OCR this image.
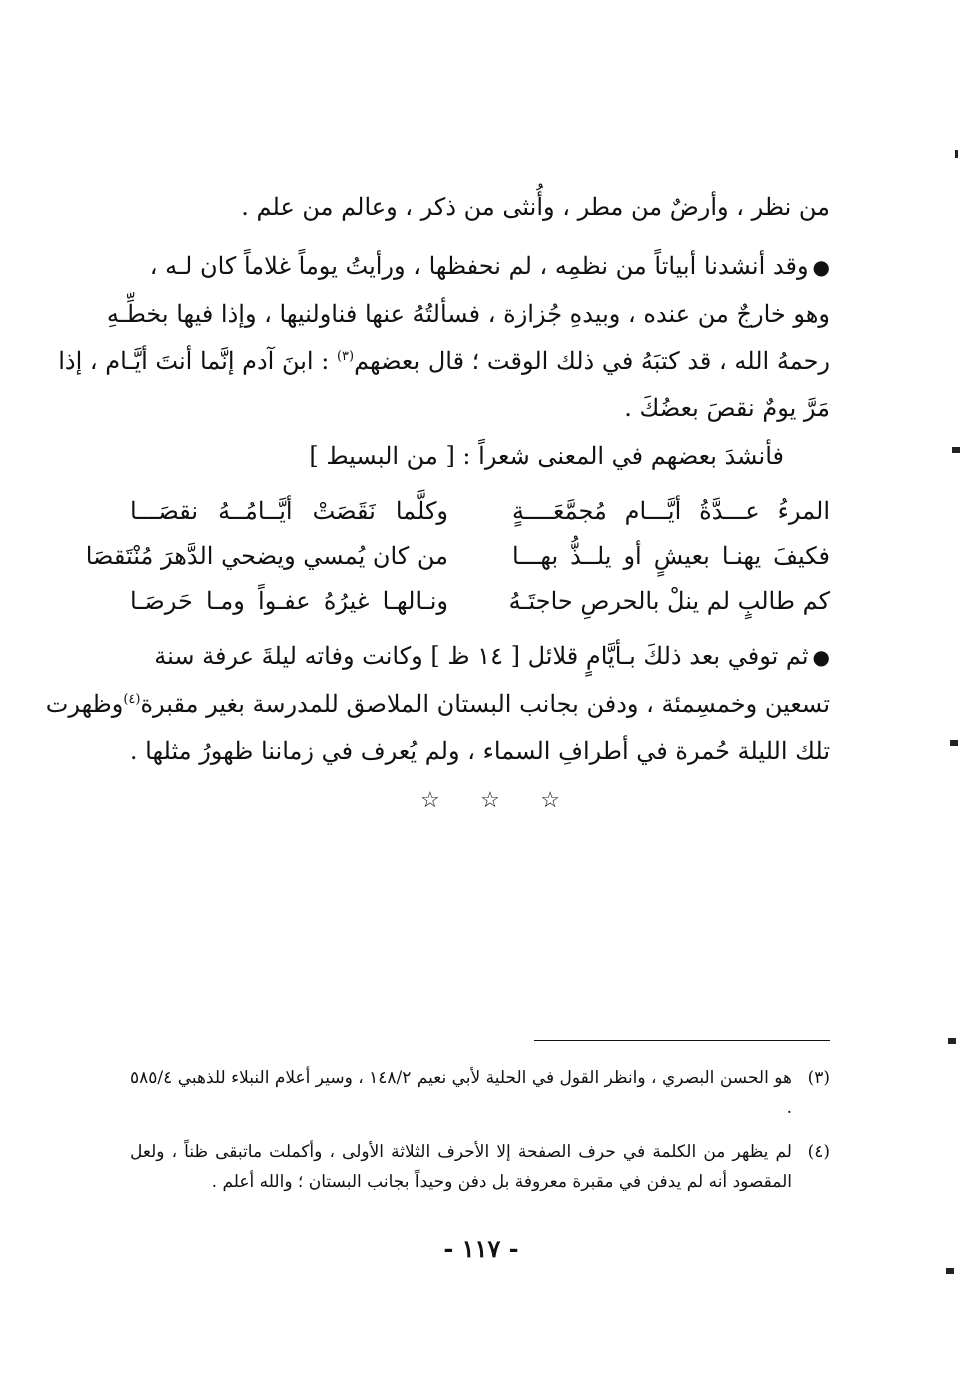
من نظر ، وأرضٌ من مطر ، وأُنثى من ذكر ، وعالم من علم .
●وقد أنشدنا أبياتاً من نظمِه ، لم نحفظها ، ورأيتُ يوماً غلاماً كان لـه ،
وهو خارجٌ من عنده ، وبيدهِ جُزازة ، فسألتُهُ عنها فناولنيها ، وإذا فيها بخطِّـهِ
رحمهُ الله ، قد كتبَهُ في ذلك الوقت ؛ قال بعضهم$^{(٣)}$ : ابنَ آدم إنَّما أنتَ أيَّـام ، إذا
مَرَّ يومٌ نقصَ بعضُكَ .
فأنشدَ بعضهم في المعنى شعراً : [ من البسيط ]
المرءُ عـــدَّةُ أيَّـــام مُجمَّعَــــةٍ
وكلَّما نَقَصَتْ أيَّــامُــهُ نقصَـــا
فكيفَ يهنـا بعيشٍ أو يلــذُّ بهـــا
من كان يُمسي ويضحي الدَّهرَ مُنْتَقصَا
كم طالبٍ لم ينلْ بالحرصِ حاجتَـهُ
ونـالهـا غيرُهُ عفـواً ومـا حَرصَـا
●ثم توفي بعد ذلكَ بـأيَّامٍ قلائل [ ١٤ ظ ] وكانت وفاته ليلةَ عرفة سنة
تسعين وخمسِمئة ، ودفن بجانب البستان الملاصق للمدرسة بغير مقبرة$^{(٤)}$وظهرت
تلك الليلة حُمرة في أطرافِ السماء ، ولم يُعرف في زماننا ظهورُ مثلها .
☆ ☆ ☆
(٣)
هو الحسن البصري ، وانظر القول في الحلية لأبي نعيم ١٤٨/٢ ، وسير أعلام النبلاء للذهبي ٥٨٥/٤ .
(٤)
لم يظهر من الكلمة في حرف الصفحة إلا الأحرف الثلاثة الأولى ، وأكملت ماتبقى ظناً ، ولعل المقصود أنه لم يدفن في مقبرة معروفة بل دفن وحيداً بجانب البستان ؛ والله أعلم .
- ١١٧ -
